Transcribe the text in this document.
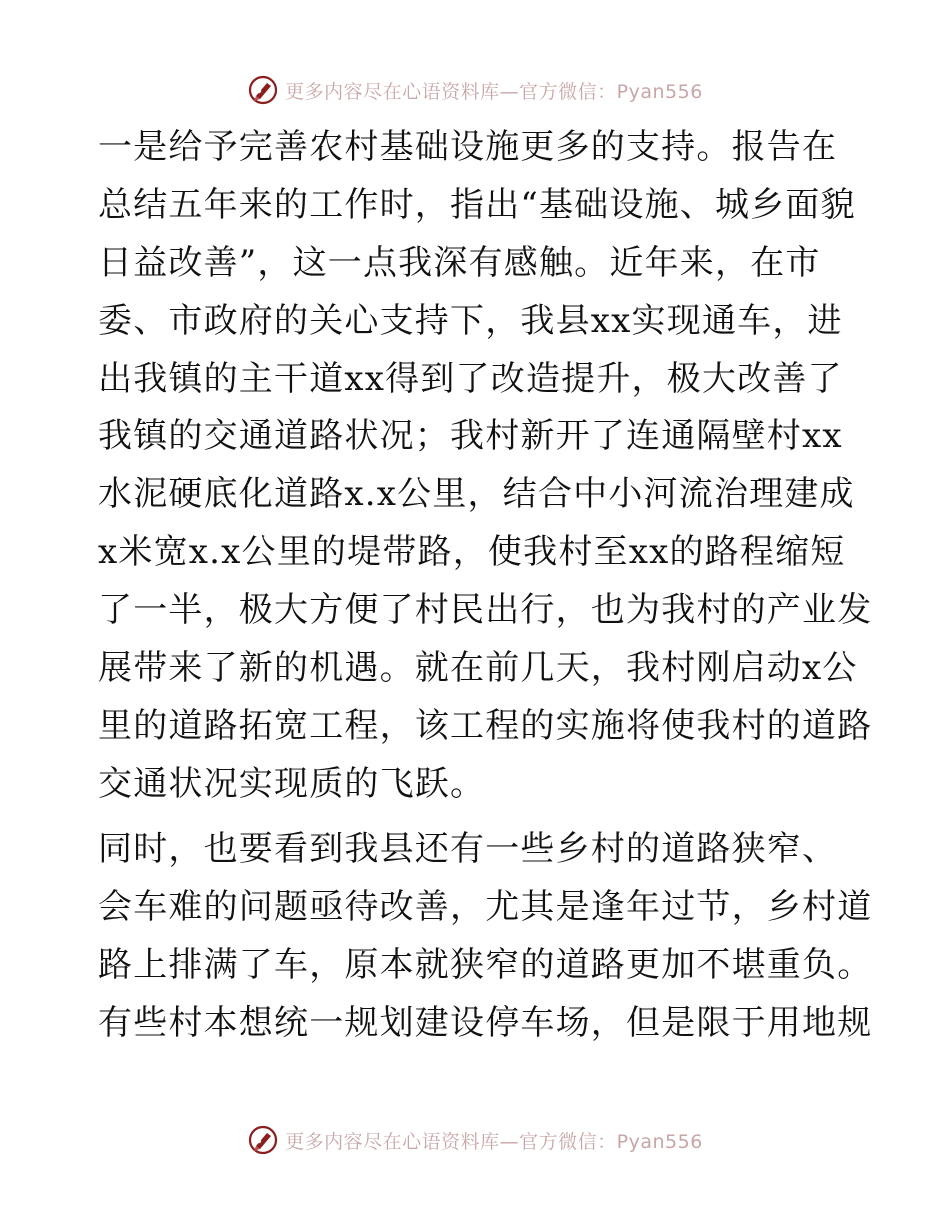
更多内容尽在心语资料库—官方微信：Pyan556
一是给予完善农村基础设施更多的支持。报告在
总结五年来的工作时，指出“基础设施、城乡面貌
日益改善”，这一点我深有感触。近年来，在市
委、市政府的关心支持下，我县xx实现通车，进
出我镇的主干道xx得到了改造提升，极大改善了
我镇的交通道路状况；我村新开了连通隔壁村xx
水泥硬底化道路x.x公里，结合中小河流治理建成
x米宽x.x公里的堤带路，使我村至xx的路程缩短
了一半，极大方便了村民出行，也为我村的产业发
展带来了新的机遇。就在前几天，我村刚启动x公
里的道路拓宽工程，该工程的实施将使我村的道路
交通状况实现质的飞跃。
同时，也要看到我县还有一些乡村的道路狭窄、
会车难的问题亟待改善，尤其是逢年过节，乡村道
路上排满了车，原本就狭窄的道路更加不堪重负。
有些村本想统一规划建设停车场，但是限于用地规
更多内容尽在心语资料库—官方微信：Pyan556
